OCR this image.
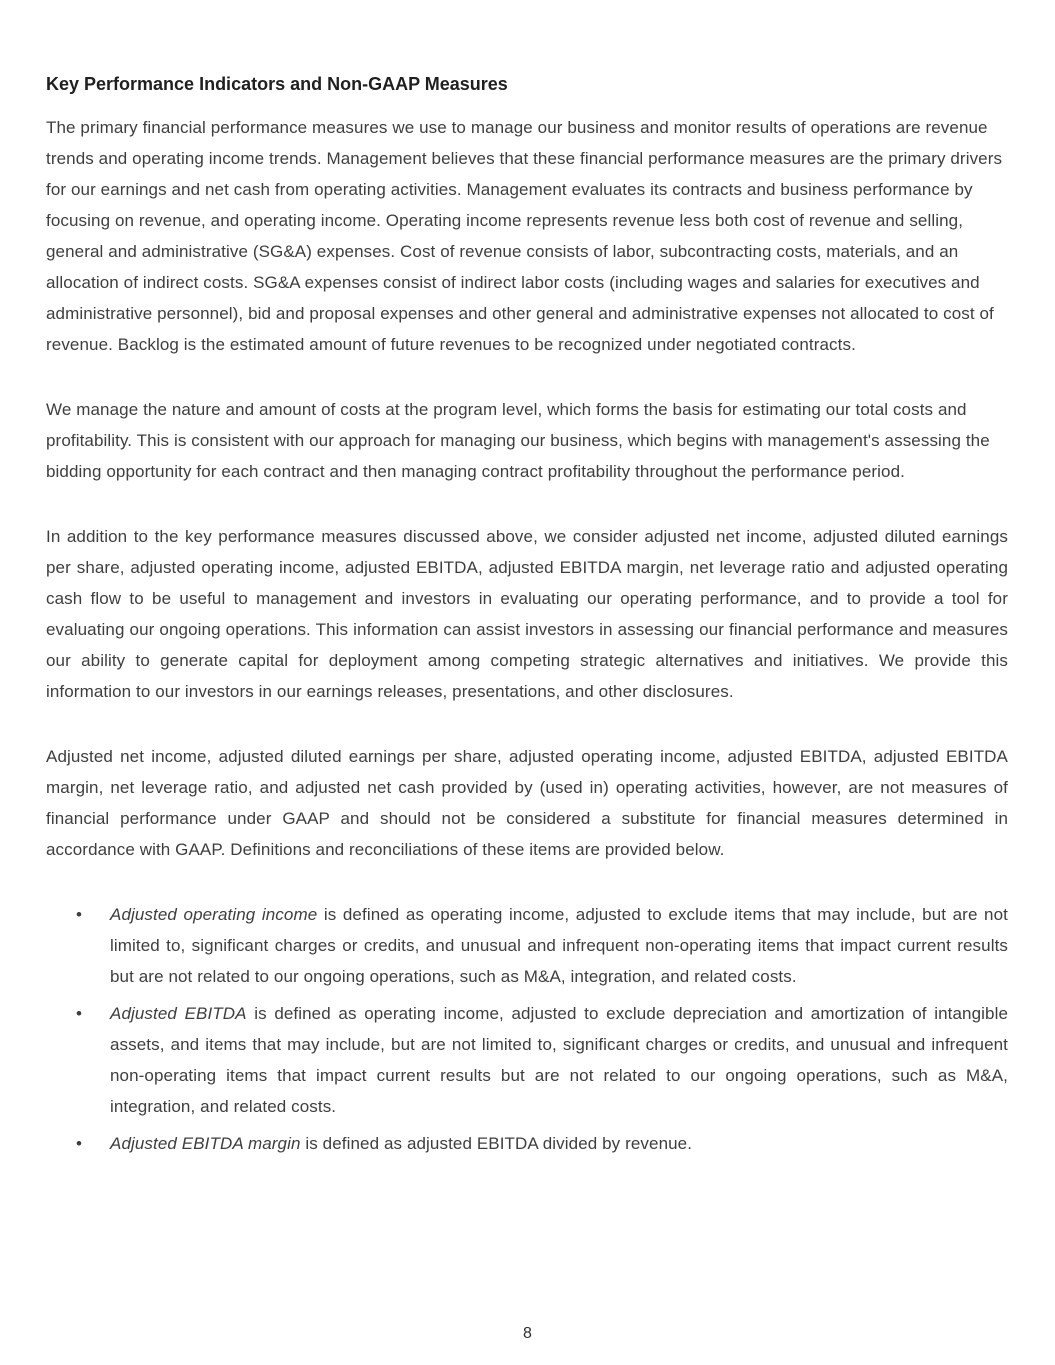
Key Performance Indicators and Non-GAAP Measures

The primary financial performance measures we use to manage our business and monitor results of operations are revenue trends and operating income trends. Management believes that these financial performance measures are the primary drivers for our earnings and net cash from operating activities. Management evaluates its contracts and business performance by focusing on revenue, and operating income. Operating income represents revenue less both cost of revenue and selling, general and administrative (SG&A) expenses. Cost of revenue consists of labor, subcontracting costs, materials, and an allocation of indirect costs. SG&A expenses consist of indirect labor costs (including wages and salaries for executives and administrative personnel), bid and proposal expenses and other general and administrative expenses not allocated to cost of revenue. Backlog is the estimated amount of future revenues to be recognized under negotiated contracts.

We manage the nature and amount of costs at the program level, which forms the basis for estimating our total costs and profitability. This is consistent with our approach for managing our business, which begins with management's assessing the bidding opportunity for each contract and then managing contract profitability throughout the performance period.

In addition to the key performance measures discussed above, we consider adjusted net income, adjusted diluted earnings per share, adjusted operating income, adjusted EBITDA, adjusted EBITDA margin, net leverage ratio and adjusted operating cash flow to be useful to management and investors in evaluating our operating performance, and to provide a tool for evaluating our ongoing operations. This information can assist investors in assessing our financial performance and measures our ability to generate capital for deployment among competing strategic alternatives and initiatives. We provide this information to our investors in our earnings releases, presentations, and other disclosures.

Adjusted net income, adjusted diluted earnings per share, adjusted operating income, adjusted EBITDA, adjusted EBITDA margin, net leverage ratio, and adjusted net cash provided by (used in) operating activities, however, are not measures of financial performance under GAAP and should not be considered a substitute for financial measures determined in accordance with GAAP. Definitions and reconciliations of these items are provided below.

•	Adjusted operating income is defined as operating income, adjusted to exclude items that may include, but are not limited to, significant charges or credits, and unusual and infrequent non-operating items that impact current results but are not related to our ongoing operations, such as M&A, integration, and related costs.
•	Adjusted EBITDA is defined as operating income, adjusted to exclude depreciation and amortization of intangible assets, and items that may include, but are not limited to, significant charges or credits, and unusual and infrequent non-operating items that impact current results but are not related to our ongoing operations, such as M&A, integration, and related costs.
•	Adjusted EBITDA margin is defined as adjusted EBITDA divided by revenue.
8
